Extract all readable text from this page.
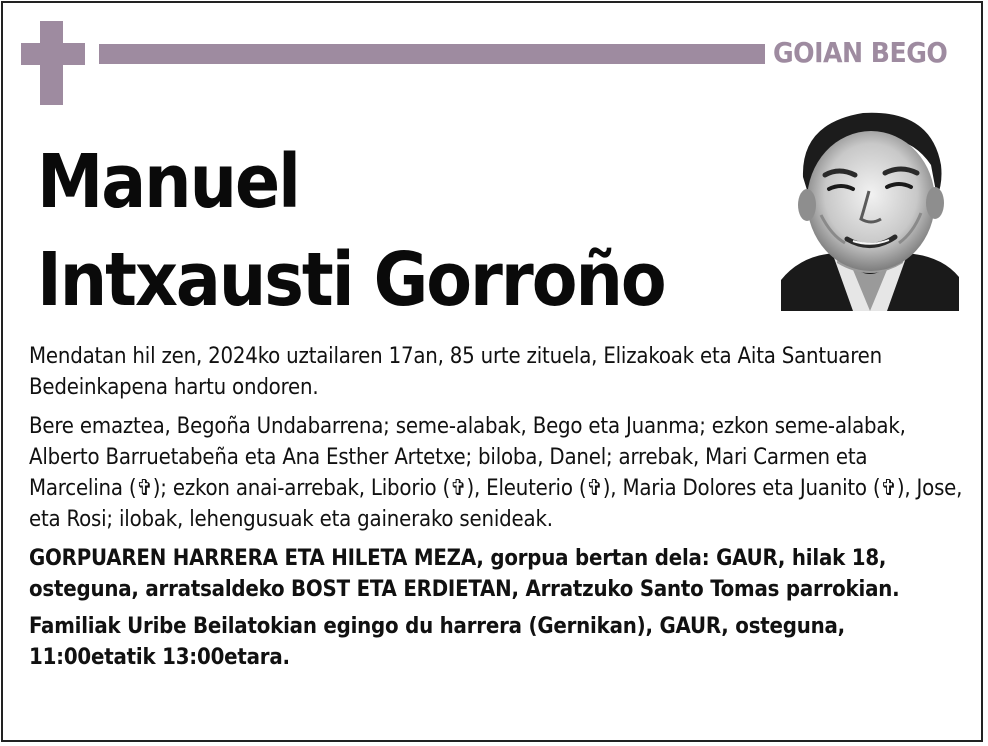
GOIAN BEGO
Manuel
Intxausti Gorroño

Mendatan hil zen, 2024ko uztailaren 17an, 85 urte zituela, Elizakoak eta Aita Santuaren Bedeinkapena hartu ondoren.

Bere emaztea, Begoña Undabarrena; seme-alabak, Bego eta Juanma; ezkon seme-alabak, Alberto Barruetabeña eta Ana Esther Artetxe; biloba, Danel; arrebak, Mari Carmen eta Marcelina (✞); ezkon anai-arrebak, Liborio (✞), Eleuterio (✞), Maria Dolores eta Juanito (✞), Jose, eta Rosi; ilobak, lehengusuak eta gainerako senideak.

GORPUAREN HARRERA ETA HILETA MEZA, gorpua bertan dela: GAUR, hilak 18, osteguna, arratsaldeko BOST ETA ERDIETAN, Arratzuko Santo Tomas parrokian.

Familiak Uribe Beilatokian egingo du harrera (Gernikan), GAUR, osteguna, 11:00etatik 13:00etara.
